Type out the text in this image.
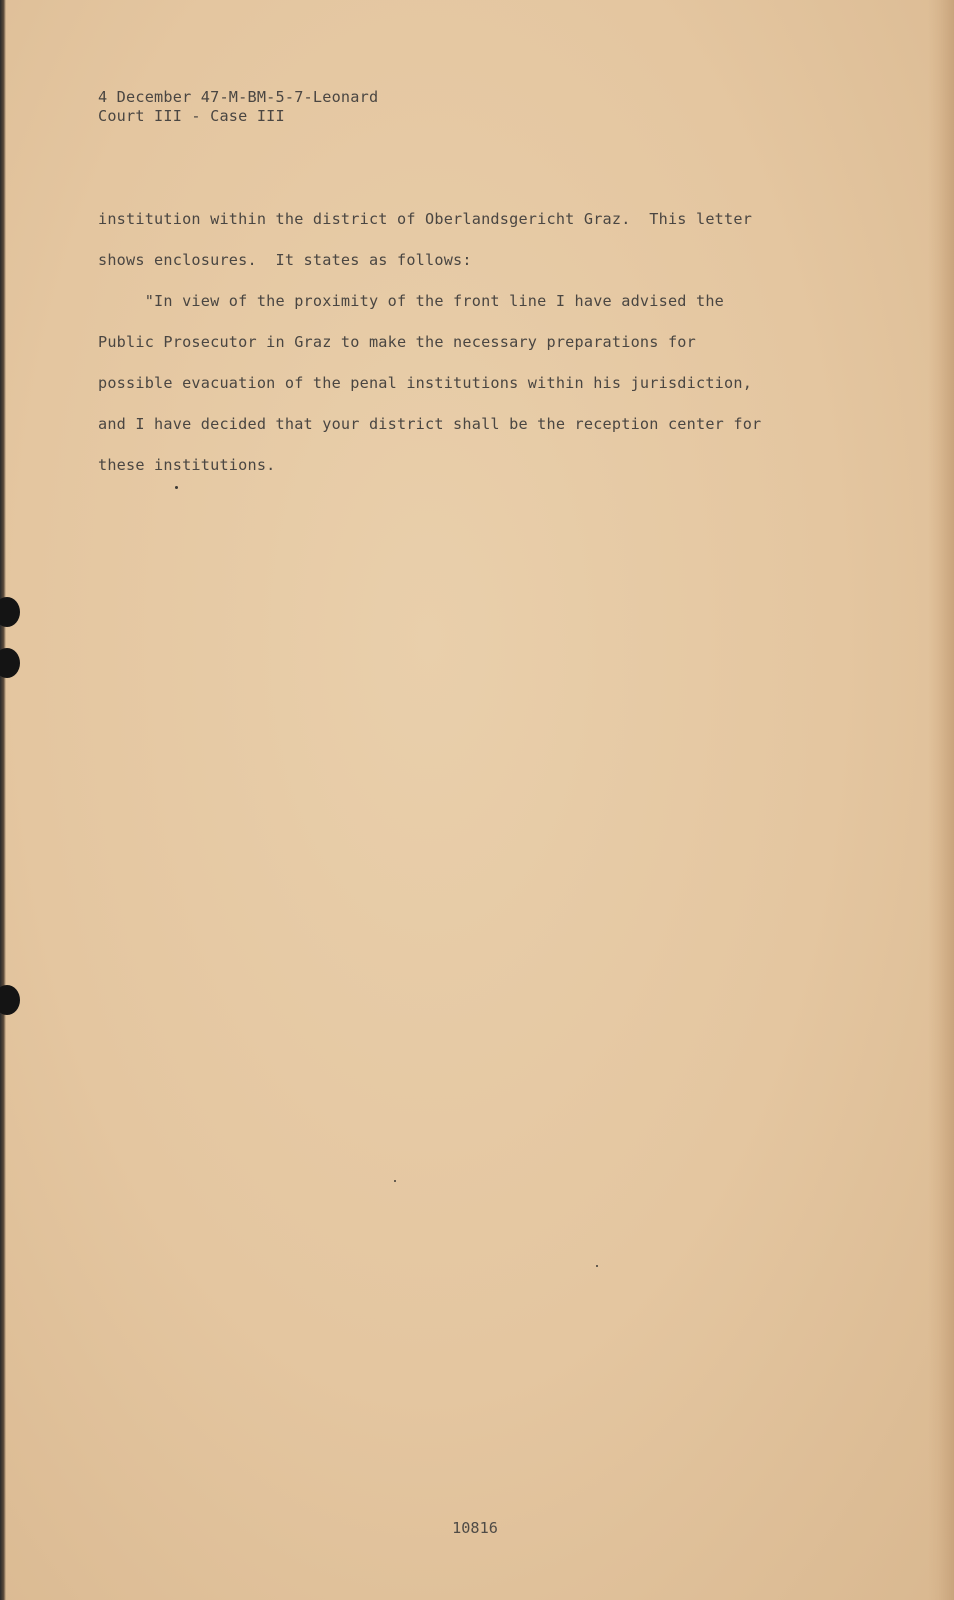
4 December 47-M-BM-5-7-Leonard
Court III - Case III
institution within the district of Oberlandsgericht Graz.  This letter
shows enclosures.  It states as follows:
"In view of the proximity of the front line I have advised the
Public Prosecutor in Graz to make the necessary preparations for
possible evacuation of the penal institutions within his jurisdiction,
and I have decided that your district shall be the reception center for
these institutions.
10816
